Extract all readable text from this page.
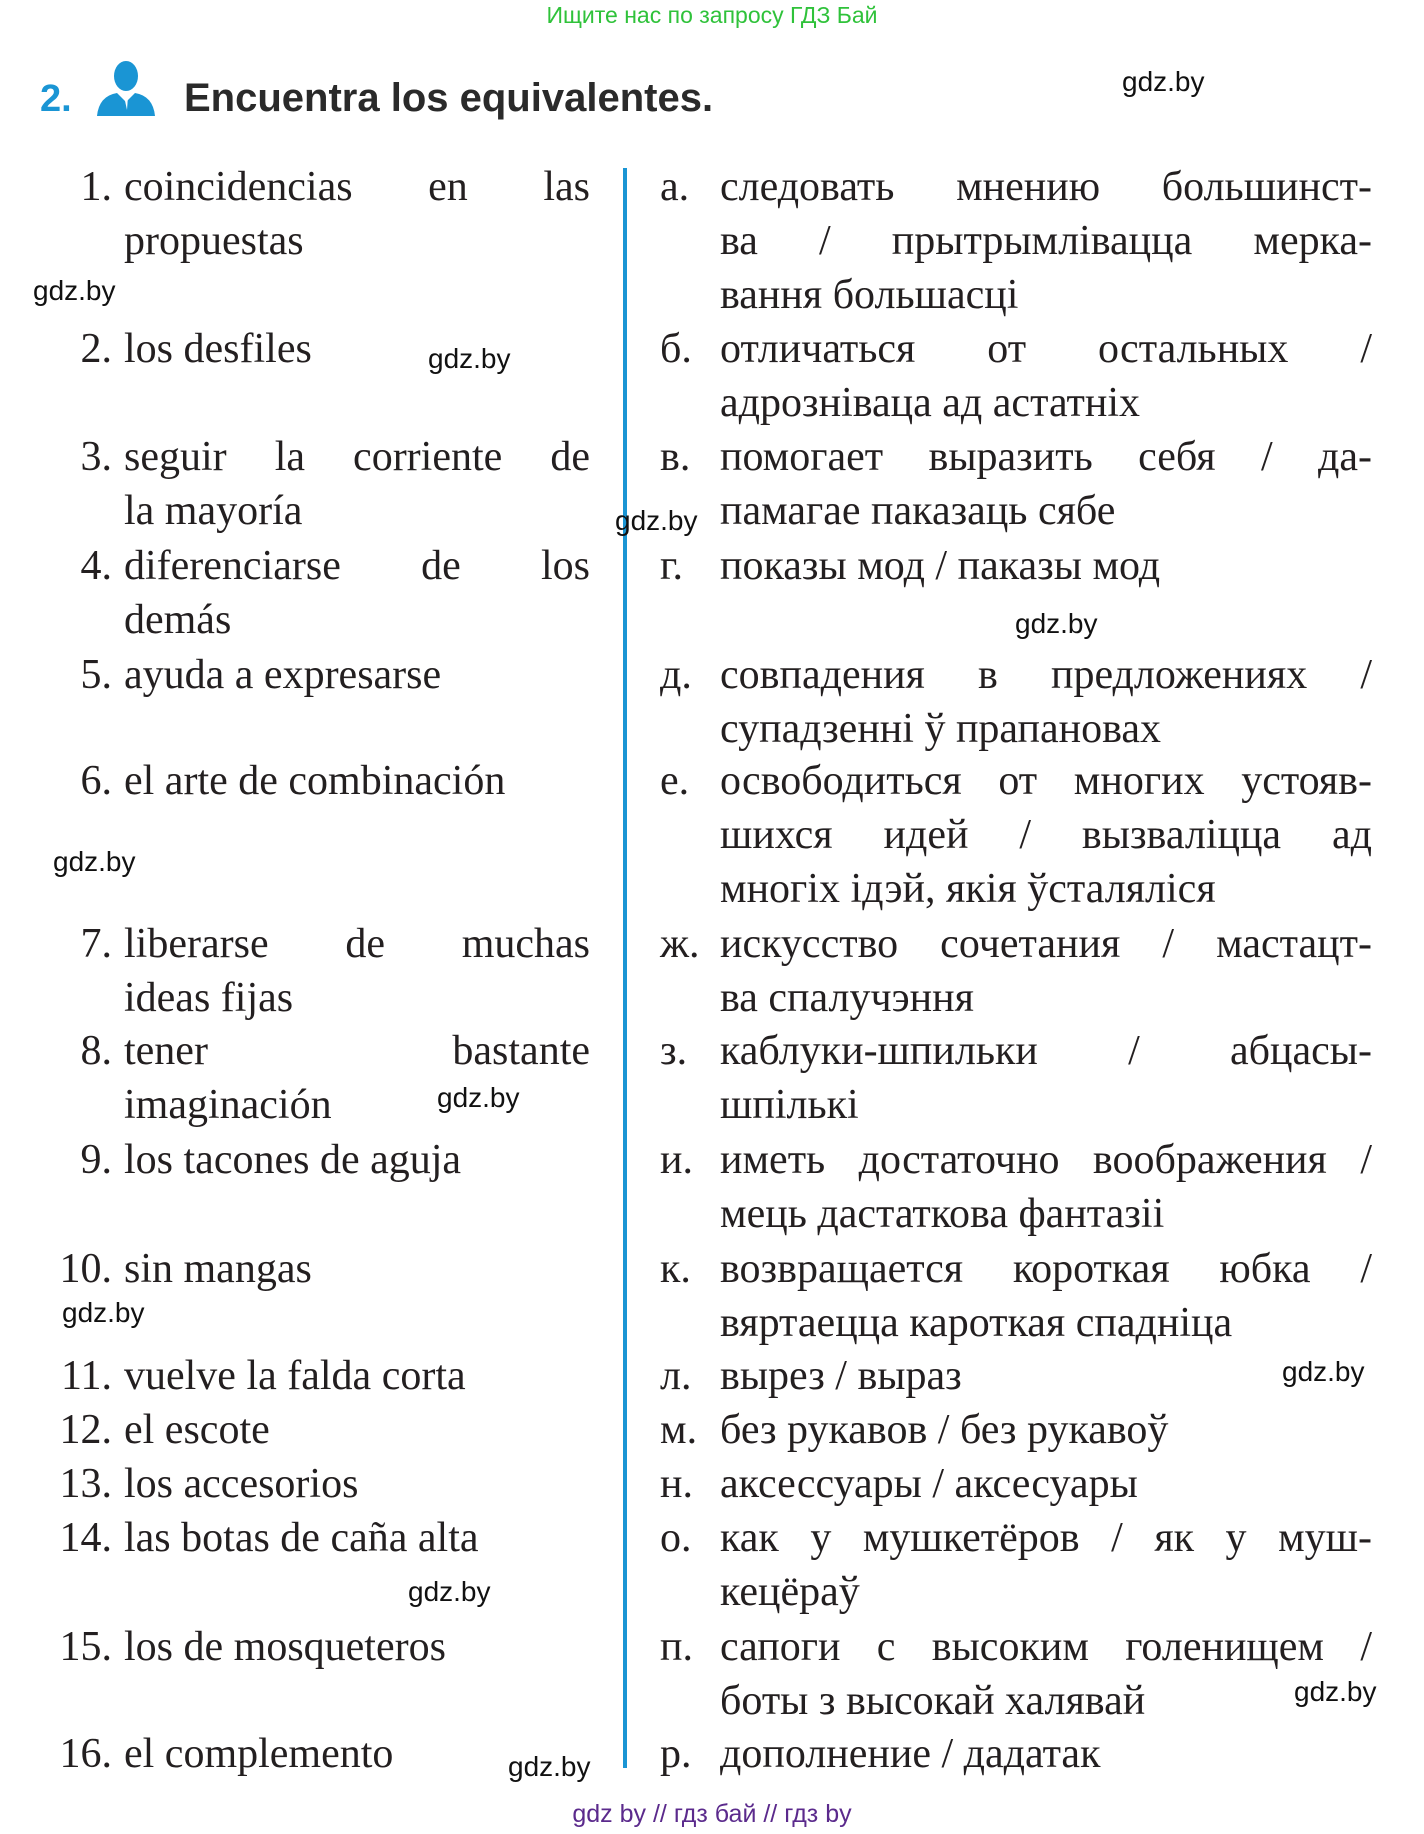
Ищите нас по запросу ГДЗ Бай
2.	Encuentra los equivalentes.
1. coincidencias en las
propuestas
2. los desfiles
3. seguir la corriente de
la mayoría
4. diferenciarse de los
demás
5. ayuda a expresarse
6. el arte de combinación
7. liberarse de muchas
ideas fijas
8. tener bastante
imaginación
9. los tacones de aguja
10. sin mangas
11. vuelve la falda corta
12. el escote
13. los accesorios
14. las botas de caña alta
15. los de mosqueteros
16. el complemento
а. следовать мнению большинст-
ва / прытрымлівацца мерка-
вання большасці
б. отличаться от остальных /
адрозніваца ад астатніх
в. помогает выразить себя / да-
памагае паказаць сябе
г. показы мод / паказы мод
д. совпадения в предложениях /
супадзенні ў прапановах
е. освободиться от многих устояв-
шихся идей / вызваліцца ад
многіх ідэй, якія ўсталяліся
ж. искусство сочетания / мастацт-
ва спалучэння
з. каблуки-шпильки / абцасы-
шпількі
и. иметь достаточно воображения /
мець дастаткова фантазіі
к. возвращается короткая юбка /
вяртаецца кароткая спадніца
л. вырез / выраз
м. без рукавов / без рукавоў
н. аксессуары / аксесуары
о. как у мушкетёров / як у муш-
кецёраў
п. сапоги с высоким голенищем /
боты з высокай халявай
р. дополнение / дадатак
gdz.by
gdz.by
gdz.by
gdz.by
gdz.by
gdz.by
gdz.by
gdz.by
gdz.by
gdz.by
gdz.by
gdz.by
gdz by // гдз бай // гдз by
